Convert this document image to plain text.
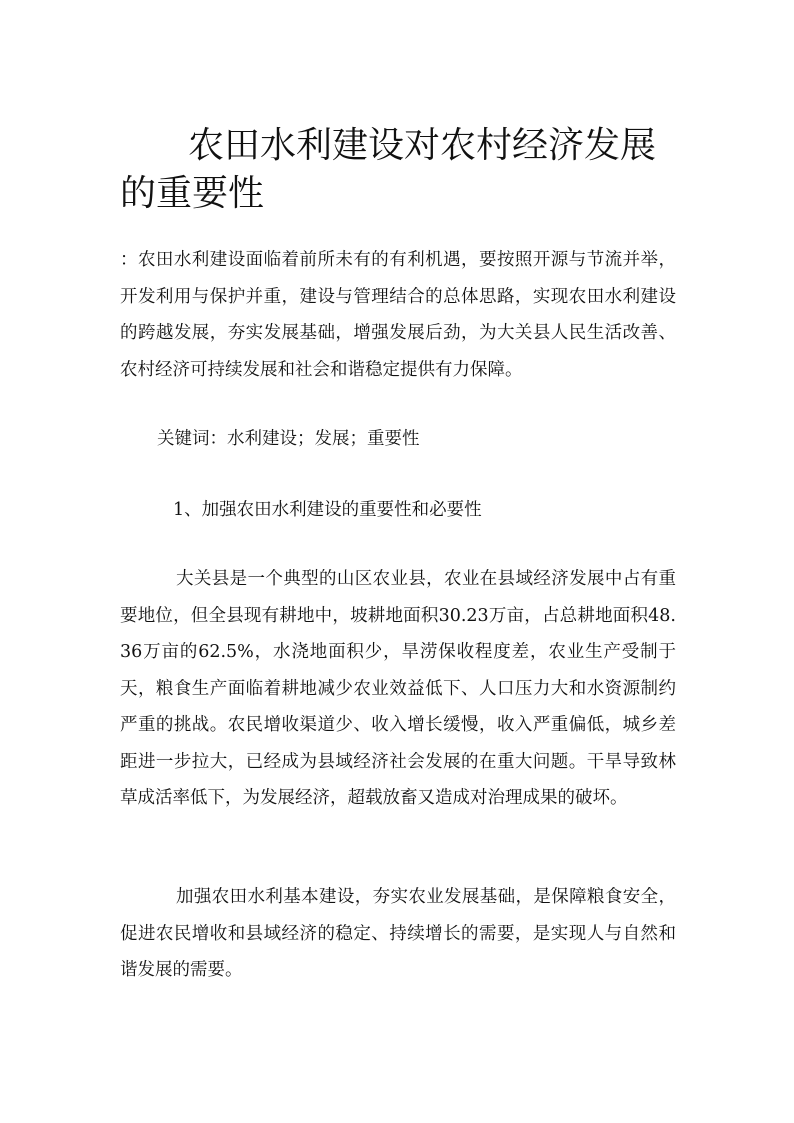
农田水利建设对农村经济发展的重要性

：农田水利建设面临着前所未有的有利机遇，要按照开源与节流并举，开发利用与保护并重，建设与管理结合的总体思路，实现农田水利建设的跨越发展，夯实发展基础，增强发展后劲，为大关县人民生活改善、农村经济可持续发展和社会和谐稳定提供有力保障。

关键词：水利建设；发展；重要性

1、加强农田水利建设的重要性和必要性

大关县是一个典型的山区农业县，农业在县域经济发展中占有重要地位，但全县现有耕地中，坡耕地面积30.23万亩，占总耕地面积48.36万亩的62.5%，水浇地面积少，旱涝保收程度差，农业生产受制于天，粮食生产面临着耕地减少农业效益低下、人口压力大和水资源制约严重的挑战。农民增收渠道少、收入增长缓慢，收入严重偏低，城乡差距进一步拉大，已经成为县域经济社会发展的在重大问题。干旱导致林草成活率低下，为发展经济，超载放畜又造成对治理成果的破坏。

加强农田水利基本建设，夯实农业发展基础，是保障粮食安全，促进农民增收和县域经济的稳定、持续增长的需要，是实现人与自然和谐发展的需要。
